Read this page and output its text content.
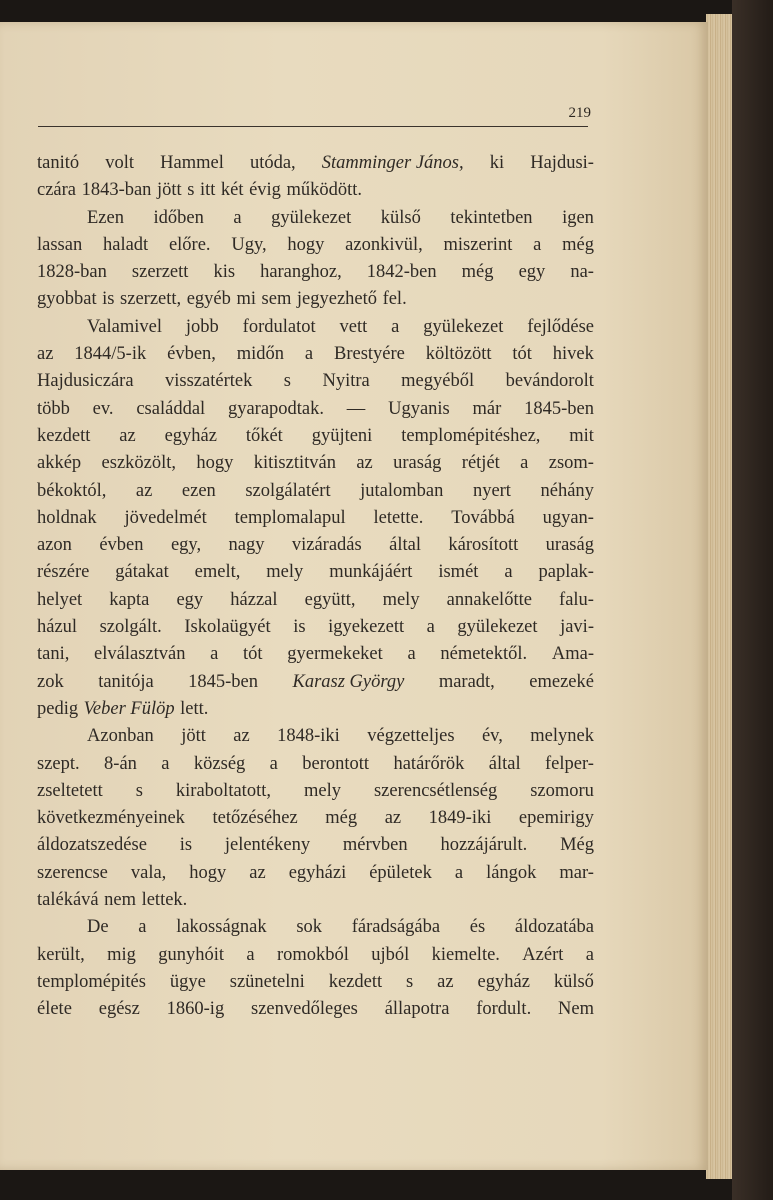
219
tanitó volt Hammel utóda, Stamminger János, ki Hajdusi-
czára 1843-ban jött s itt két évig működött.
Ezen időben a gyülekezet külső tekintetben igen
lassan haladt előre. Ugy, hogy azonkivül, miszerint a még
1828-ban szerzett kis haranghoz, 1842-ben még egy na-
gyobbat is szerzett, egyéb mi sem jegyezhető fel.
Valamivel jobb fordulatot vett a gyülekezet fejlődése
az 1844/5-ik évben, midőn a Brestyére költözött tót hivek
Hajdusiczára visszatértek s Nyitra megyéből bevándorolt
több ev. családdal gyarapodtak. — Ugyanis már 1845-ben
kezdett az egyház tőkét gyüjteni templomépitéshez, mit
akkép eszközölt, hogy kitisztitván az uraság rétjét a zsom-
békoktól, az ezen szolgálatért jutalomban nyert néhány
holdnak jövedelmét templomalapul letette. Továbbá ugyan-
azon évben egy, nagy vizáradás által károsított uraság
részére gátakat emelt, mely munkájáért ismét a paplak-
helyet kapta egy házzal együtt, mely annakelőtte falu-
házul szolgált. Iskolaügyét is igyekezett a gyülekezet javi-
tani, elválasztván a tót gyermekeket a németektől. Ama-
zok tanitója 1845-ben Karasz György maradt, emezeké
pedig Veber Fülöp lett.
Azonban jött az 1848-iki végzetteljes év, melynek
szept. 8-án a község a berontott határőrök által felper-
zseltetett s kiraboltatott, mely szerencsétlenség szomoru
következményeinek tetőzéséhez még az 1849-iki epemirigy
áldozatszedése is jelentékeny mérvben hozzájárult. Még
szerencse vala, hogy az egyházi épületek a lángok mar-
talékává nem lettek.
De a lakosságnak sok fáradságába és áldozatába
került, mig gunyhóit a romokból ujból kiemelte. Azért a
templomépités ügye szünetelni kezdett s az egyház külső
élete egész 1860-ig szenvedőleges állapotra fordult. Nem
